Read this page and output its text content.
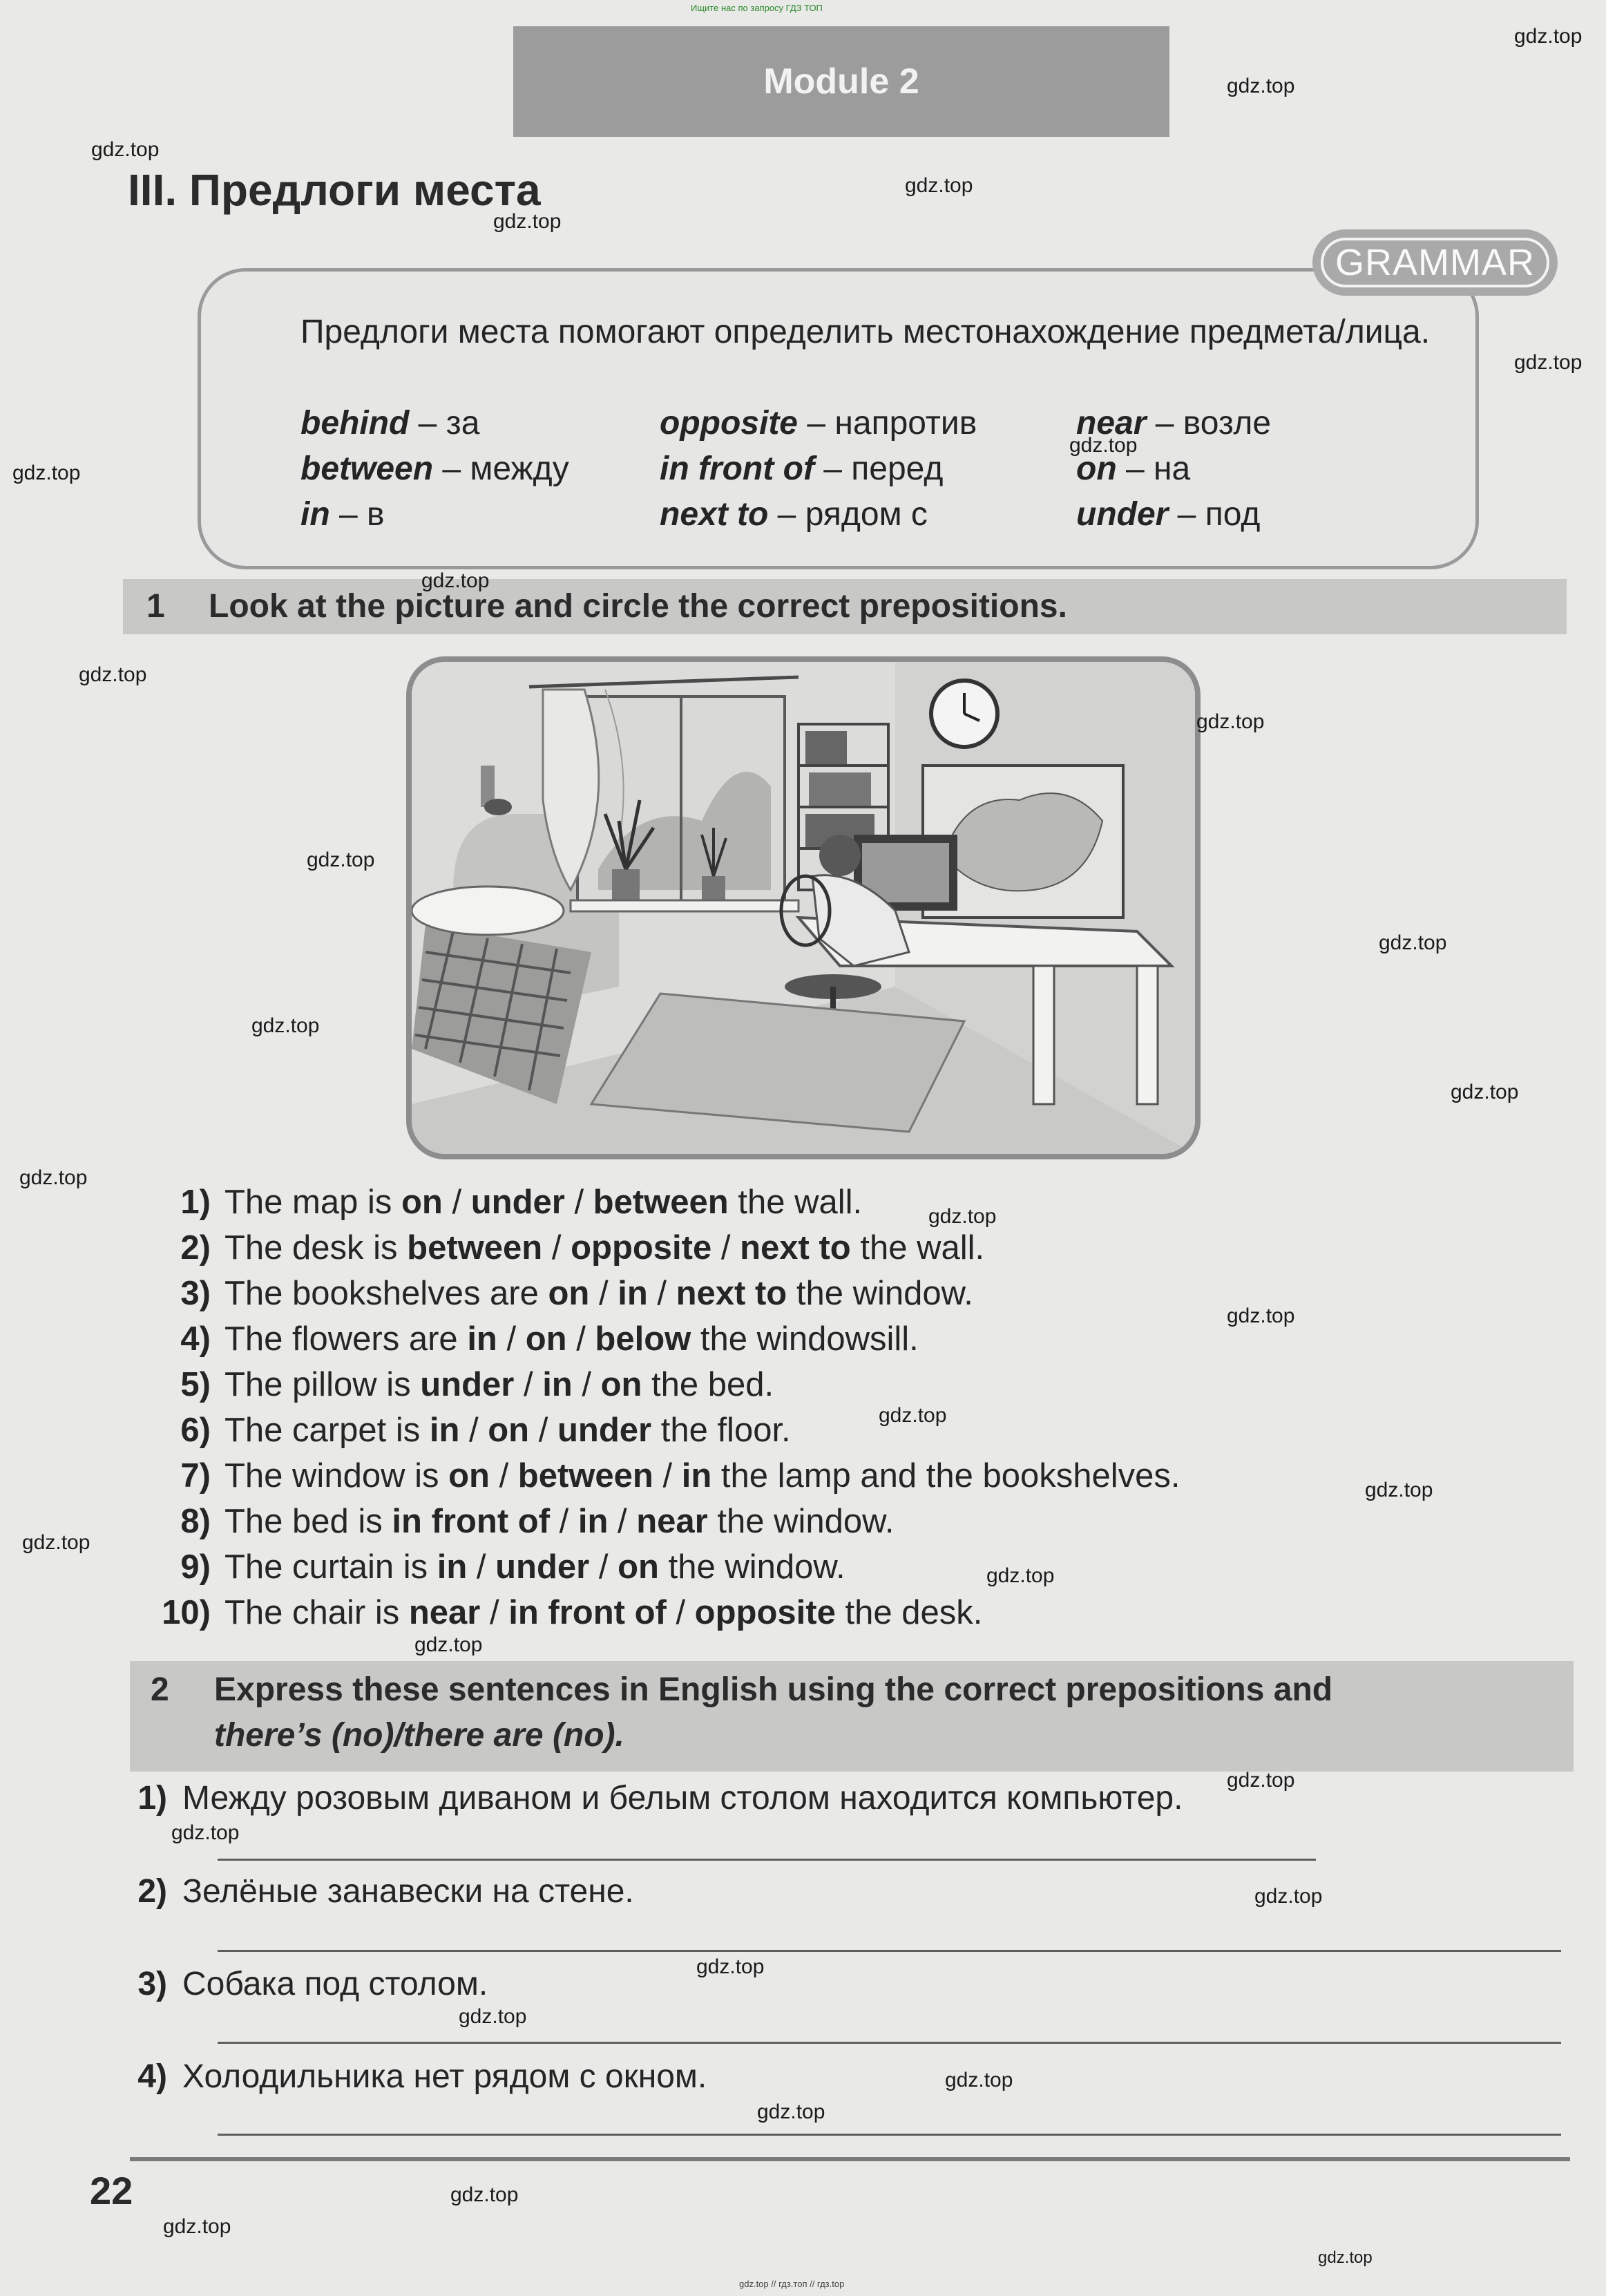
Ищите нас по запросу ГДЗ ТОП
Module 2
III. Предлоги места
GRAMMAR
Предлоги места помогают определить местонахождение предмета/лица.
behind – за	opposite – напротив	near – возле
between – между	in front of – перед	on – на
in – в	next to – рядом с	under – под
1 Look at the picture and circle the correct prepositions.
1) The map is on / under / between the wall.
2) The desk is between / opposite / next to the wall.
3) The bookshelves are on / in / next to the window.
4) The flowers are in / on / below the windowsill.
5) The pillow is under / in / on the bed.
6) The carpet is in / on / under the floor.
7) The window is on / between / in the lamp and the bookshelves.
8) The bed is in front of / in / near the window.
9) The curtain is in / under / on the window.
10) The chair is near / in front of / opposite the desk.
2 Express these sentences in English using the correct prepositions and
there’s (no)/there are (no).
1) Между розовым диваном и белым столом находится компьютер.
2) Зелёные занавески на стене.
3) Собака под столом.
4) Холодильника нет рядом с окном.
22
gdz.top // гдз.топ // гдз.top
gdz.top
gdz.top
gdz.top
gdz.top
gdz.top
gdz.top
gdz.top
gdz.top
gdz.top
gdz.top
gdz.top
gdz.top
gdz.top
gdz.top
gdz.top
gdz.top
gdz.top
gdz.top
gdz.top
gdz.top
gdz.top
gdz.top
gdz.top
gdz.top
gdz.top
gdz.top
gdz.top
gdz.top
gdz.top
gdz.top
gdz.top
gdz.top
gdz.top
